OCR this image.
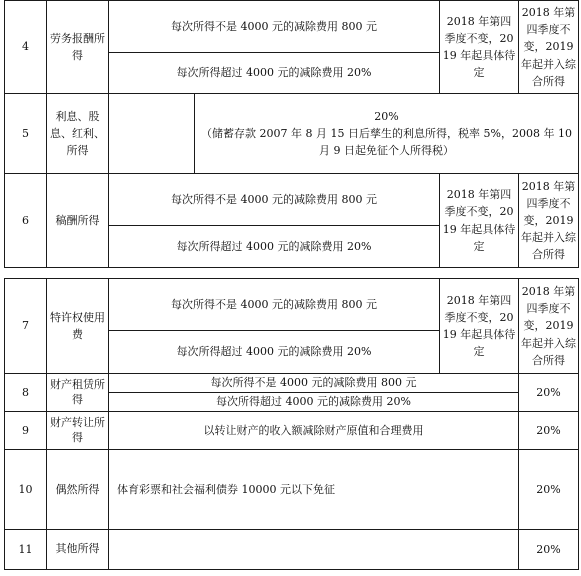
4	劳务报酬所得	每次所得不是 4000 元的减除费用 800 元		2018 年第四季度不变，2019 年起具体待定	2018 年第四季度不变，2019 年起并入综合所得
		每次所得超过 4000 元的减除费用 20%			
5	利息、股息、红利、所得		20%
（储蓄存款 2007 年 8 月 15 日后孳生的利息所得，税率 5%，2008 年 10 月 9 日起免征个人所得税）		

6	稿酬所得	每次所得不是 4000 元的减除费用 800 元		2018 年第四季度不变，2019 年起具体待定	2018 年第四季度不变，2019 年起并入综合所得
		每次所得超过 4000 元的减除费用 20%			
7	特许权使用费	每次所得不是 4000 元的减除费用 800 元	2018 年第四季度不变，2019 年起具体待定	2018 年第四季度不变，2019 年起并入综合所得
		每次所得超过 4000 元的减除费用 20%		
8	财产租赁所得	每次所得不是 4000 元的减除费用 800 元		20%
		每次所得超过 4000 元的减除费用 20%		
9	财产转让所得	以转让财产的收入额减除财产原值和合理费用		20%
10	偶然所得	体育彩票和社会福利债券 10000 元以下免征		20%
11	其他所得			20%
